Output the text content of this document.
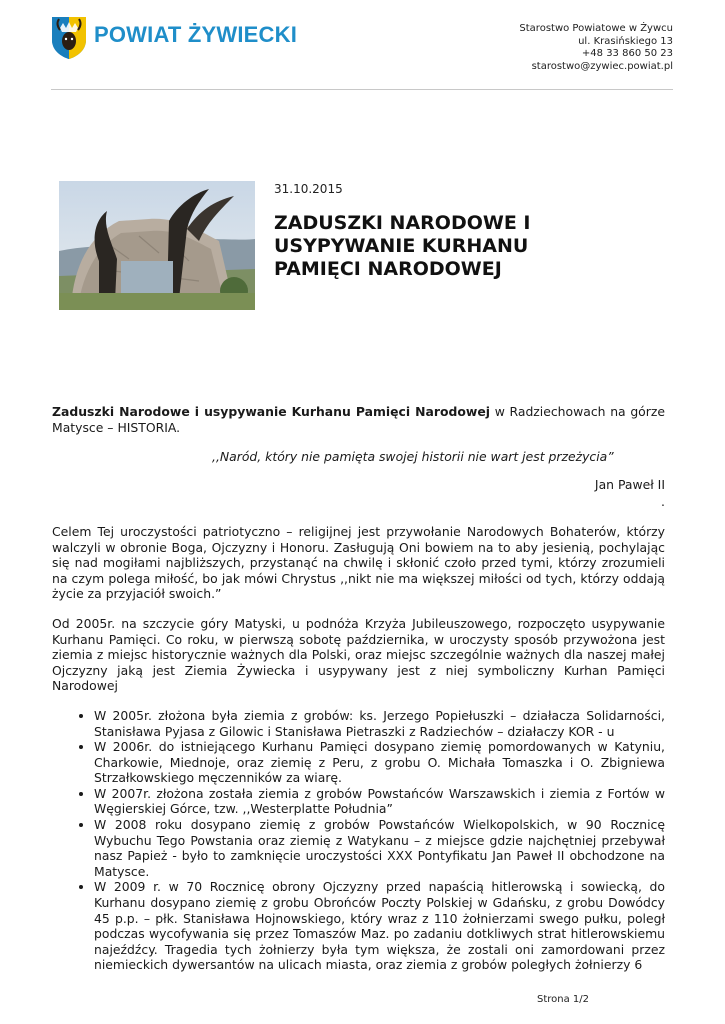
POWIAT ŻYWIECKI	Starostwo Powiatowe w Żywcu
ul. Krasińskiego 13
+48 33 860 50 23
starostwo@zywiec.powiat.pl
31.10.2015
ZADUSZKI NARODOWE I USYPYWANIE KURHANU PAMIĘCI NARODOWEJ

Zaduszki Narodowe i usypywanie Kurhanu Pamięci Narodowej w Radziechowach na górze Matysce – HISTORIA.

,,Naród, który nie pamięta swojej historii nie wart jest przeżycia”

Jan Paweł II

.

Celem Tej uroczystości patriotyczno – religijnej jest przywołanie Narodowych Bohaterów, którzy walczyli w obronie Boga, Ojczyzny i Honoru. Zasługują Oni bowiem na to aby jesienią, pochylając się nad mogiłami najbliższych, przystanąć na chwilę i skłonić czoło przed tymi, którzy zrozumieli na czym polega miłość, bo jak mówi Chrystus ,,nikt nie ma większej miłości od tych, którzy oddają życie za przyjaciół swoich.”

Od 2005r. na szczycie góry Matyski, u podnóża Krzyża Jubileuszowego, rozpoczęto usypywanie Kurhanu Pamięci. Co roku, w pierwszą sobotę października, w uroczysty sposób przywożona jest ziemia z miejsc historycznie ważnych dla Polski, oraz miejsc szczególnie ważnych dla naszej małej Ojczyzny jaką jest Ziemia Żywiecka i usypywany jest z niej symboliczny Kurhan Pamięci Narodowej

• W 2005r. złożona była ziemia z grobów: ks. Jerzego Popiełuszki – działacza Solidarności, Stanisława Pyjasa z Gilowic i Stanisława Pietraszki z Radziechów – działaczy KOR - u
• W 2006r. do istniejącego Kurhanu Pamięci dosypano ziemię pomordowanych w Katyniu, Charkowie, Miednoje, oraz ziemię z Peru, z grobu O. Michała Tomaszka i O. Zbigniewa Strzałkowskiego męczenników za wiarę.
• W 2007r. złożona została ziemia z grobów Powstańców Warszawskich i ziemia z Fortów w Węgierskiej Górce, tzw. ,,Westerplatte Południa”
• W 2008 roku dosypano ziemię z grobów Powstańców Wielkopolskich, w 90 Rocznicę Wybuchu Tego Powstania oraz ziemię z Watykanu – z miejsce gdzie najchętniej przebywał nasz Papież - było to zamknięcie uroczystości XXX Pontyfikatu Jan Paweł II obchodzone na Matysce.
• W 2009 r. w 70 Rocznicę obrony Ojczyzny przed napaścią hitlerowską i sowiecką, do Kurhanu dosypano ziemię z grobu Obrońców Poczty Polskiej w Gdańsku, z grobu Dowódcy 45 p.p. – płk. Stanisława Hojnowskiego, który wraz z 110 żołnierzami swego pułku, poległ podczas wycofywania się przez Tomaszów Maz. po zadaniu dotkliwych strat hitlerowskiemu najeźdźcy. Tragedia tych żołnierzy była tym większa, że zostali oni zamordowani przez niemieckich dywersantów na ulicach miasta, oraz ziemia z grobów poległych żołnierzy 6
Strona 1/2
